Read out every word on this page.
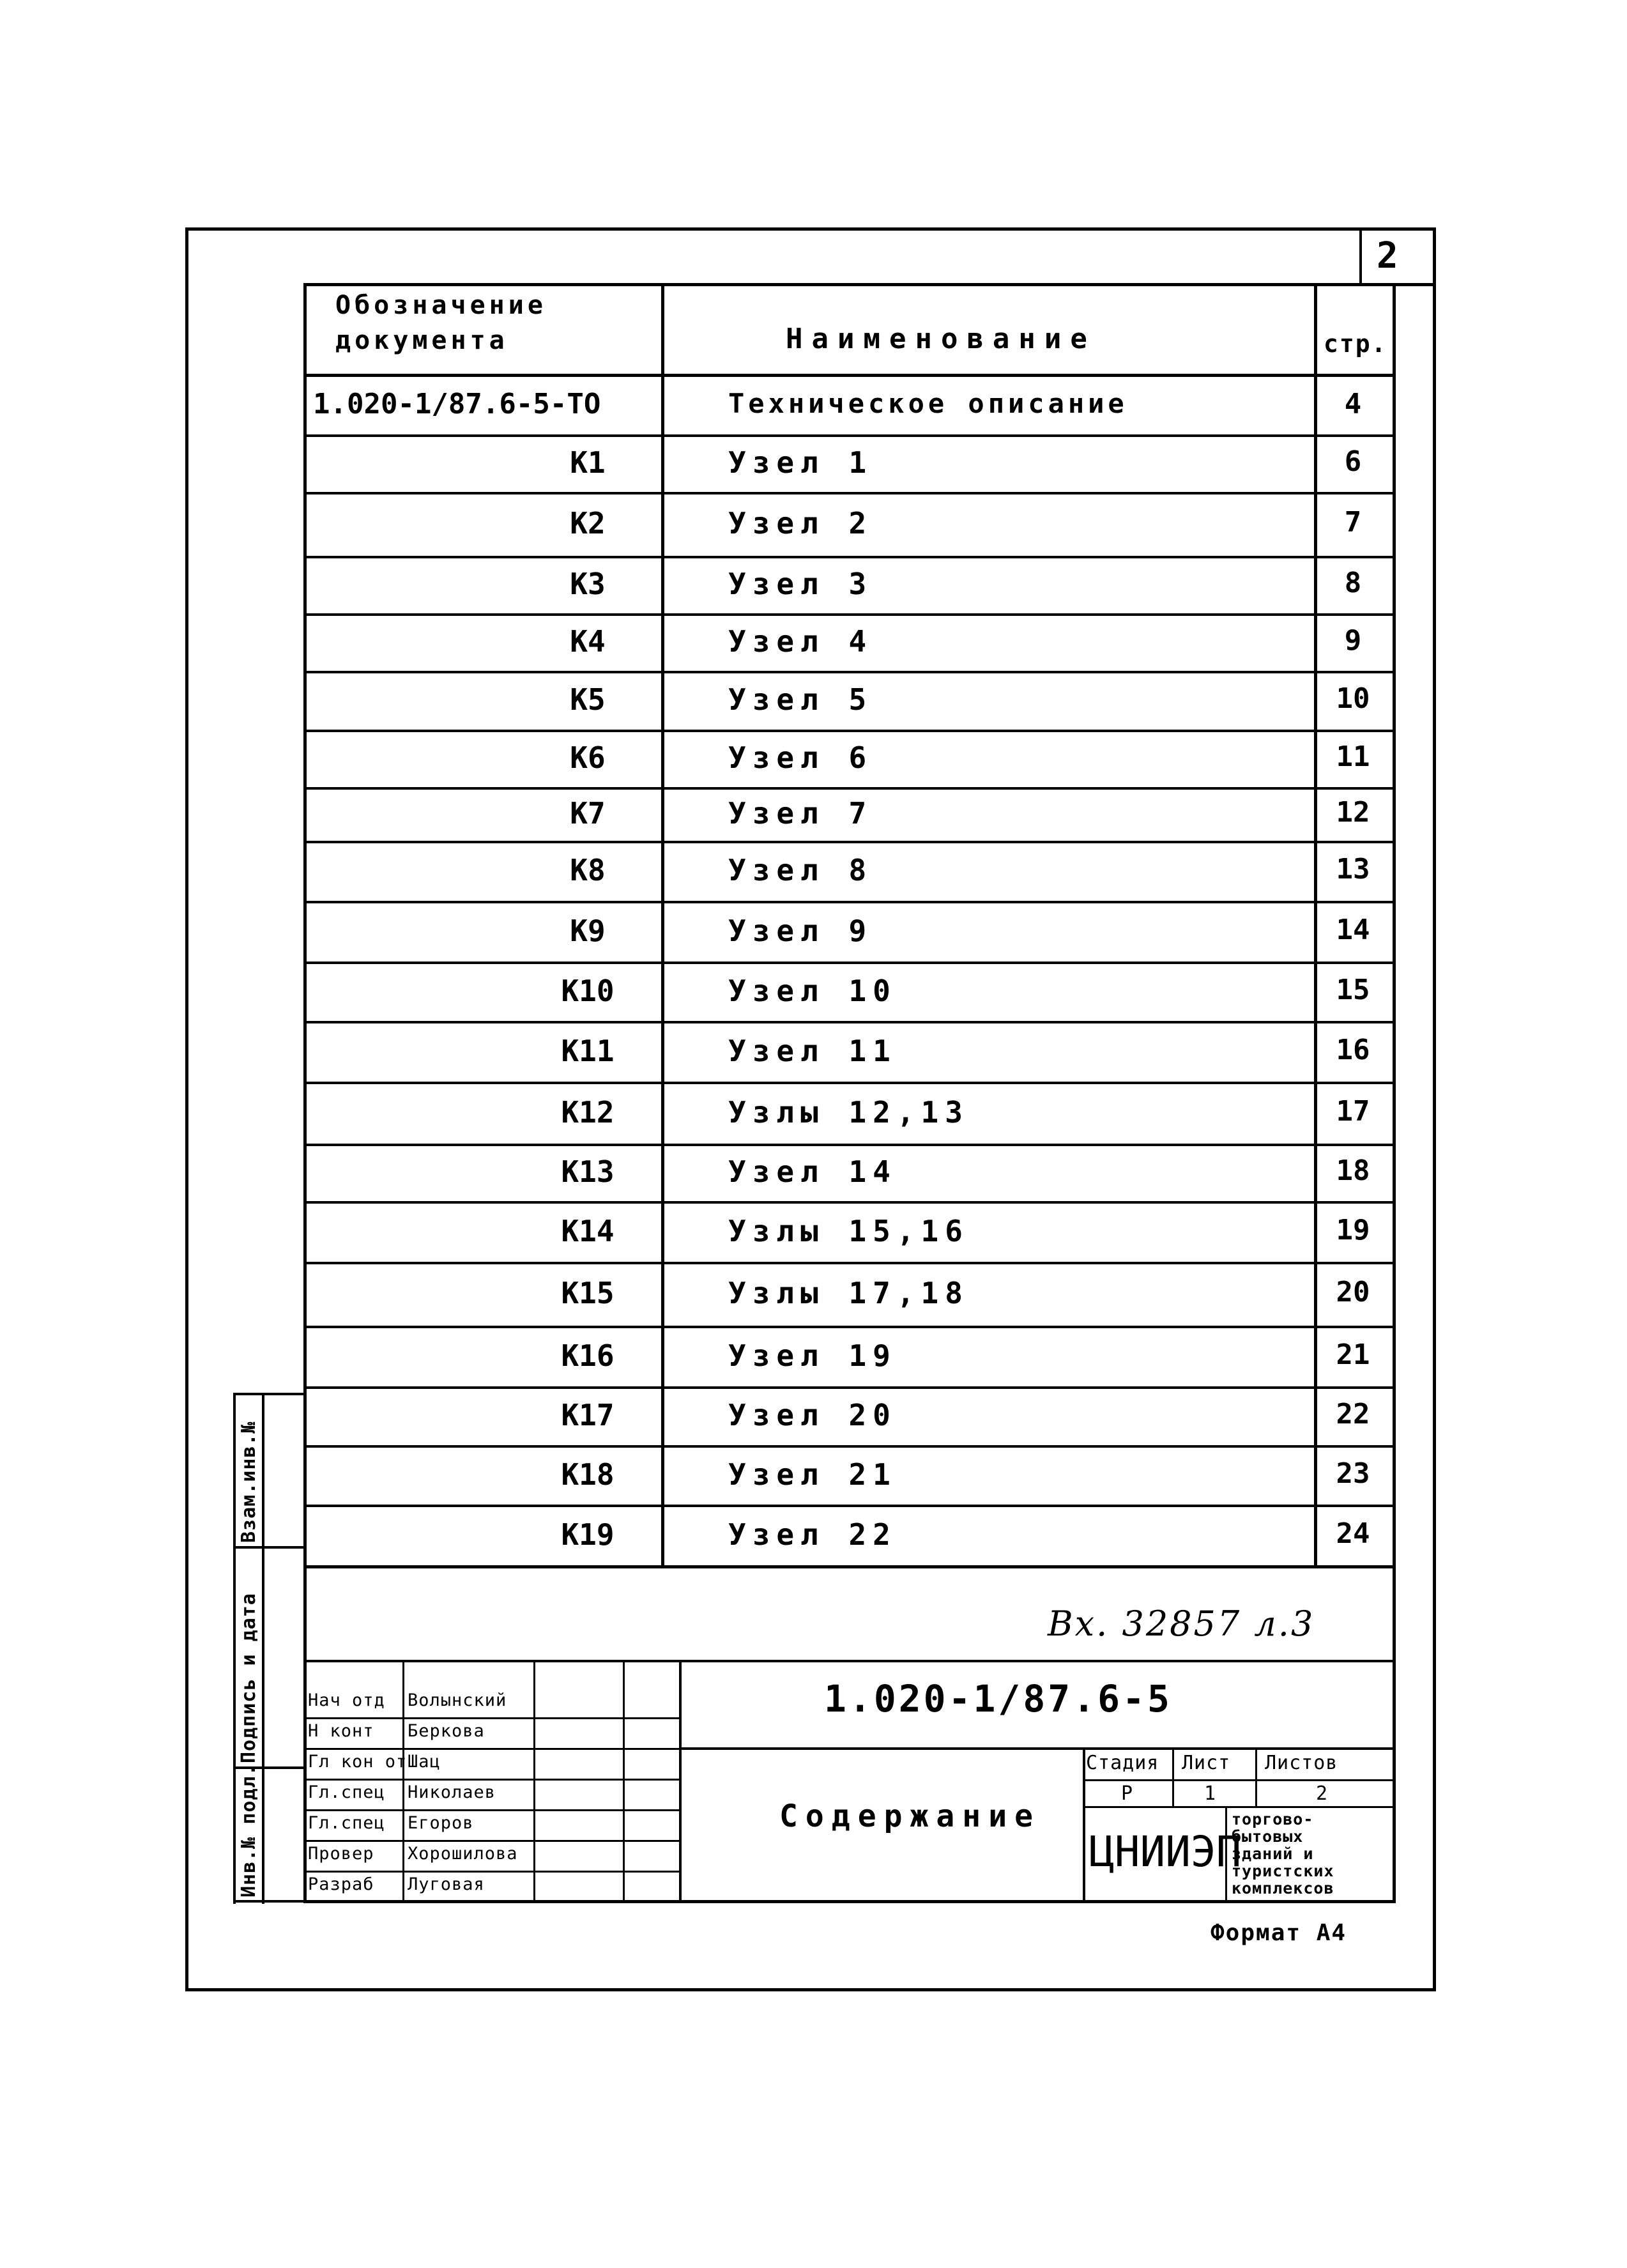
2
Обозначение
документа	Наименование	стр.
1.020-1/87.6-5-ТО	Техническое описание	4
К1	Узел 1	6
К2	Узел 2	7
К3	Узел 3	8
К4	Узел 4	9
К5	Узел 5	10
К6	Узел 6	11
К7	Узел 7	12
К8	Узел 8	13
К9	Узел 9	14
К10	Узел 10	15
К11	Узел 11	16
К12	Узлы 12,13	17
К13	Узел 14	18
К14	Узлы 15,16	19
К15	Узлы 17,18	20
К16	Узел 19	21
К17	Узел 20	22
К18	Узел 21	23
К19	Узел 22	24
Вх. 32857 л.3
Нач отд Волынский
Н конт Беркова
Гл кон от Шац
Гл.спец Николаев
Гл.спец Егоров
Провер Хорошилова
Разраб Луговая
1.020-1/87.6-5
Содержание
Стадия Лист Листов
Р	1	2
ЦНИИЭП
торгово-
бытовых
зданий и
туристских
комплексов
Взам.инв.№
Подпись и дата
Инв.№ подл.
Формат А4
